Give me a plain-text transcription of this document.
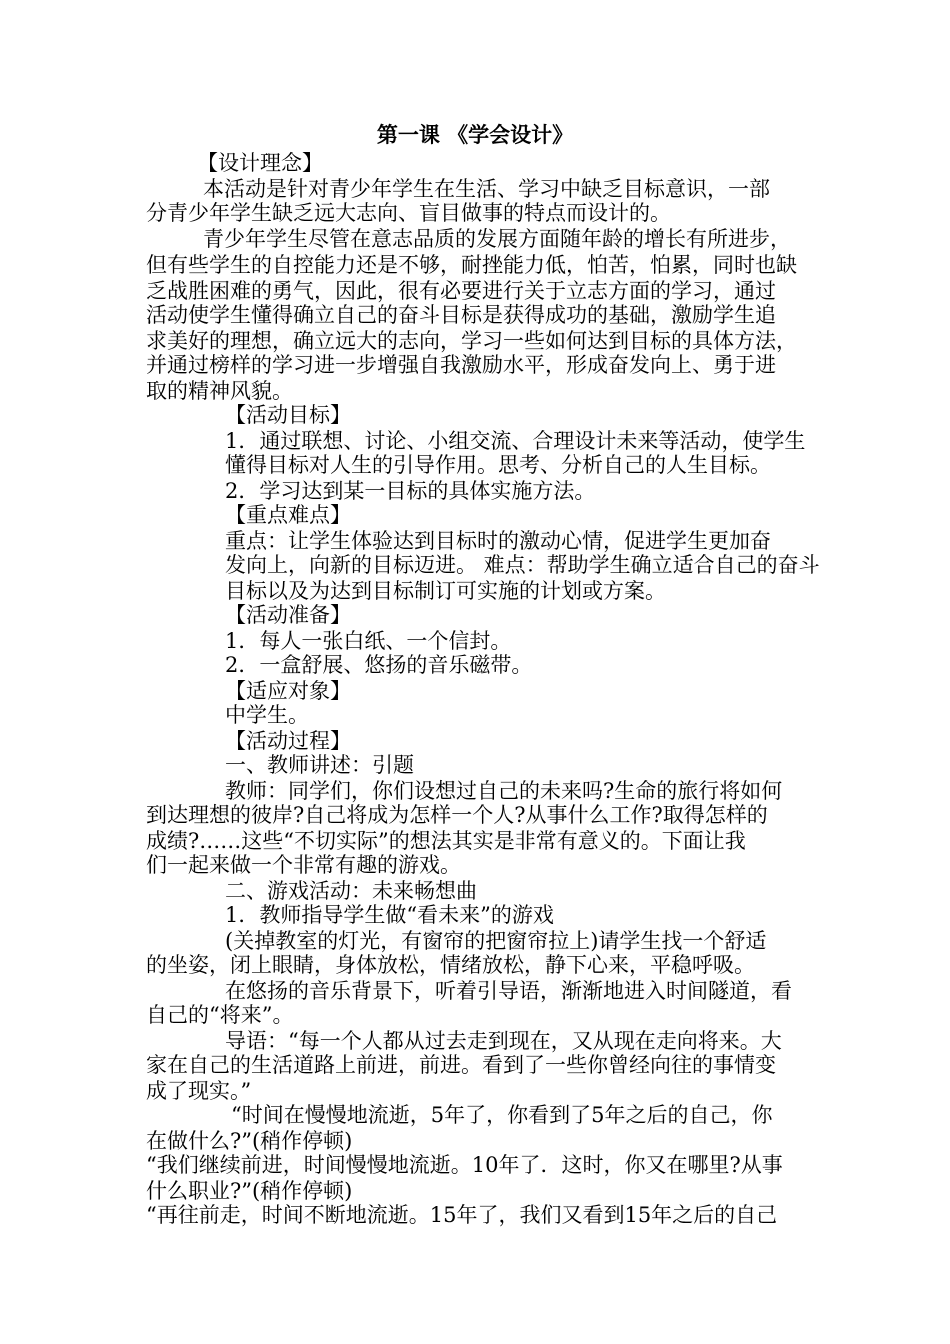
第一课 《学会设计》
【设计理念】
本活动是针对青少年学生在生活、学习中缺乏目标意识，一部
分青少年学生缺乏远大志向、盲目做事的特点而设计的。
青少年学生尽管在意志品质的发展方面随年龄的增长有所进步，
但有些学生的自控能力还是不够，耐挫能力低，怕苦，怕累，同时也缺
乏战胜困难的勇气，因此，很有必要进行关于立志方面的学习，通过
活动使学生懂得确立自己的奋斗目标是获得成功的基础，激励学生追
求美好的理想，确立远大的志向，学习一些如何达到目标的具体方法，
并通过榜样的学习进一步增强自我激励水平，形成奋发向上、勇于进
取的精神风貌。
【活动目标】
1．通过联想、讨论、小组交流、合理设计未来等活动，使学生
懂得目标对人生的引导作用。思考、分析自己的人生目标。
2．学习达到某一目标的具体实施方法。
【重点难点】
重点：让学生体验达到目标时的激动心情，促进学生更加奋
发向上，向新的目标迈进。 难点：帮助学生确立适合自己的奋斗
目标以及为达到目标制订可实施的计划或方案。
【活动准备】
1．每人一张白纸、一个信封。
2．一盒舒展、悠扬的音乐磁带。
【适应对象】
中学生。
【活动过程】
一、教师讲述：引题
教师：同学们，你们设想过自己的未来吗?生命的旅行将如何
到达理想的彼岸?自己将成为怎样一个人?从事什么工作?取得怎样的
成绩?……这些“不切实际”的想法其实是非常有意义的。下面让我
们一起来做一个非常有趣的游戏。
二、游戏活动：未来畅想曲
1．教师指导学生做“看未来”的游戏
(关掉教室的灯光，有窗帘的把窗帘拉上)请学生找一个舒适
的坐姿，闭上眼睛，身体放松，情绪放松，静下心来，平稳呼吸。
在悠扬的音乐背景下，听着引导语，渐渐地进入时间隧道，看
自己的“将来”。
导语：“每一个人都从过去走到现在，又从现在走向将来。大
家在自己的生活道路上前进，前进。看到了一些你曾经向往的事情变
成了现实。”
“时间在慢慢地流逝，5年了，你看到了5年之后的自己，你
在做什么?”(稍作停顿)
“我们继续前进，时间慢慢地流逝。10年了．这时，你又在哪里?从事
什么职业?”(稍作停顿)
“再往前走，时间不断地流逝。15年了，我们又看到15年之后的自己
